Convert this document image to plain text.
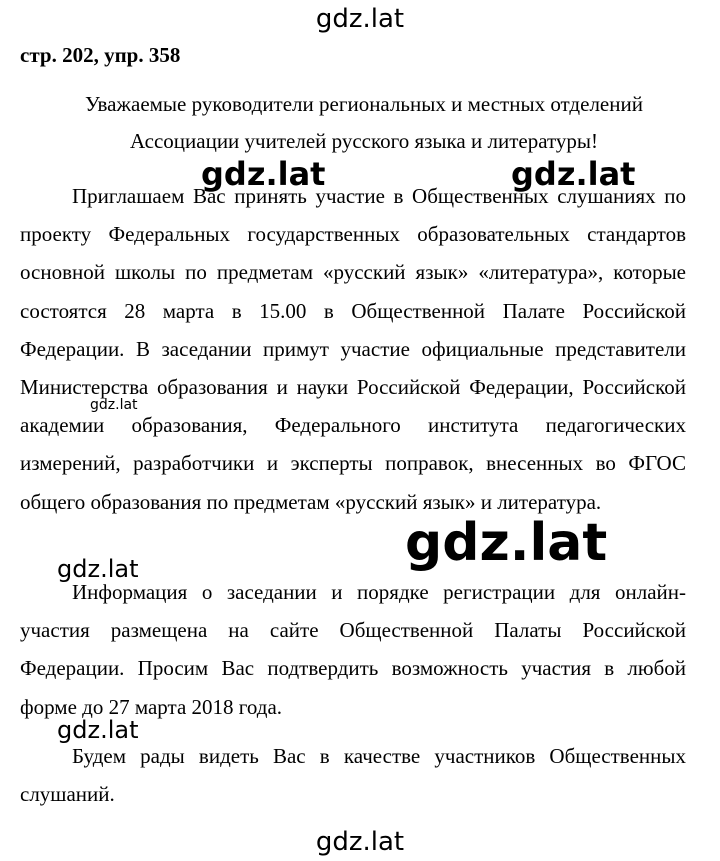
gdz.lat
стр. 202, упр. 358
Уважаемые руководители региональных и местных отделений
Ассоциации учителей русского языка и литературы!

Приглашаем Вас принять участие в Общественных слушаниях по проекту Федеральных государственных образовательных стандартов основной школы по предметам «русский язык» «литература», которые состоятся 28 марта в 15.00 в Общественной Палате Российской Федерации. В заседании примут участие официальные представители Министерства образования и науки Российской Федерации, Российской академии образования, Федерального института педагогических измерений, разработчики и эксперты поправок, внесенных во ФГОС общего образования по предметам «русский язык» и литература.

Информация о заседании и порядке регистрации для онлайн-участия размещена на сайте Общественной Палаты Российской Федерации. Просим Вас подтвердить возможность участия в любой форме до 27 марта 2018 года.

Будем рады видеть Вас в качестве участников Общественных слушаний.

gdz.lat	gdz.lat
gdz.lat
gdz.lat
gdz.lat
gdz.lat
gdz.lat
